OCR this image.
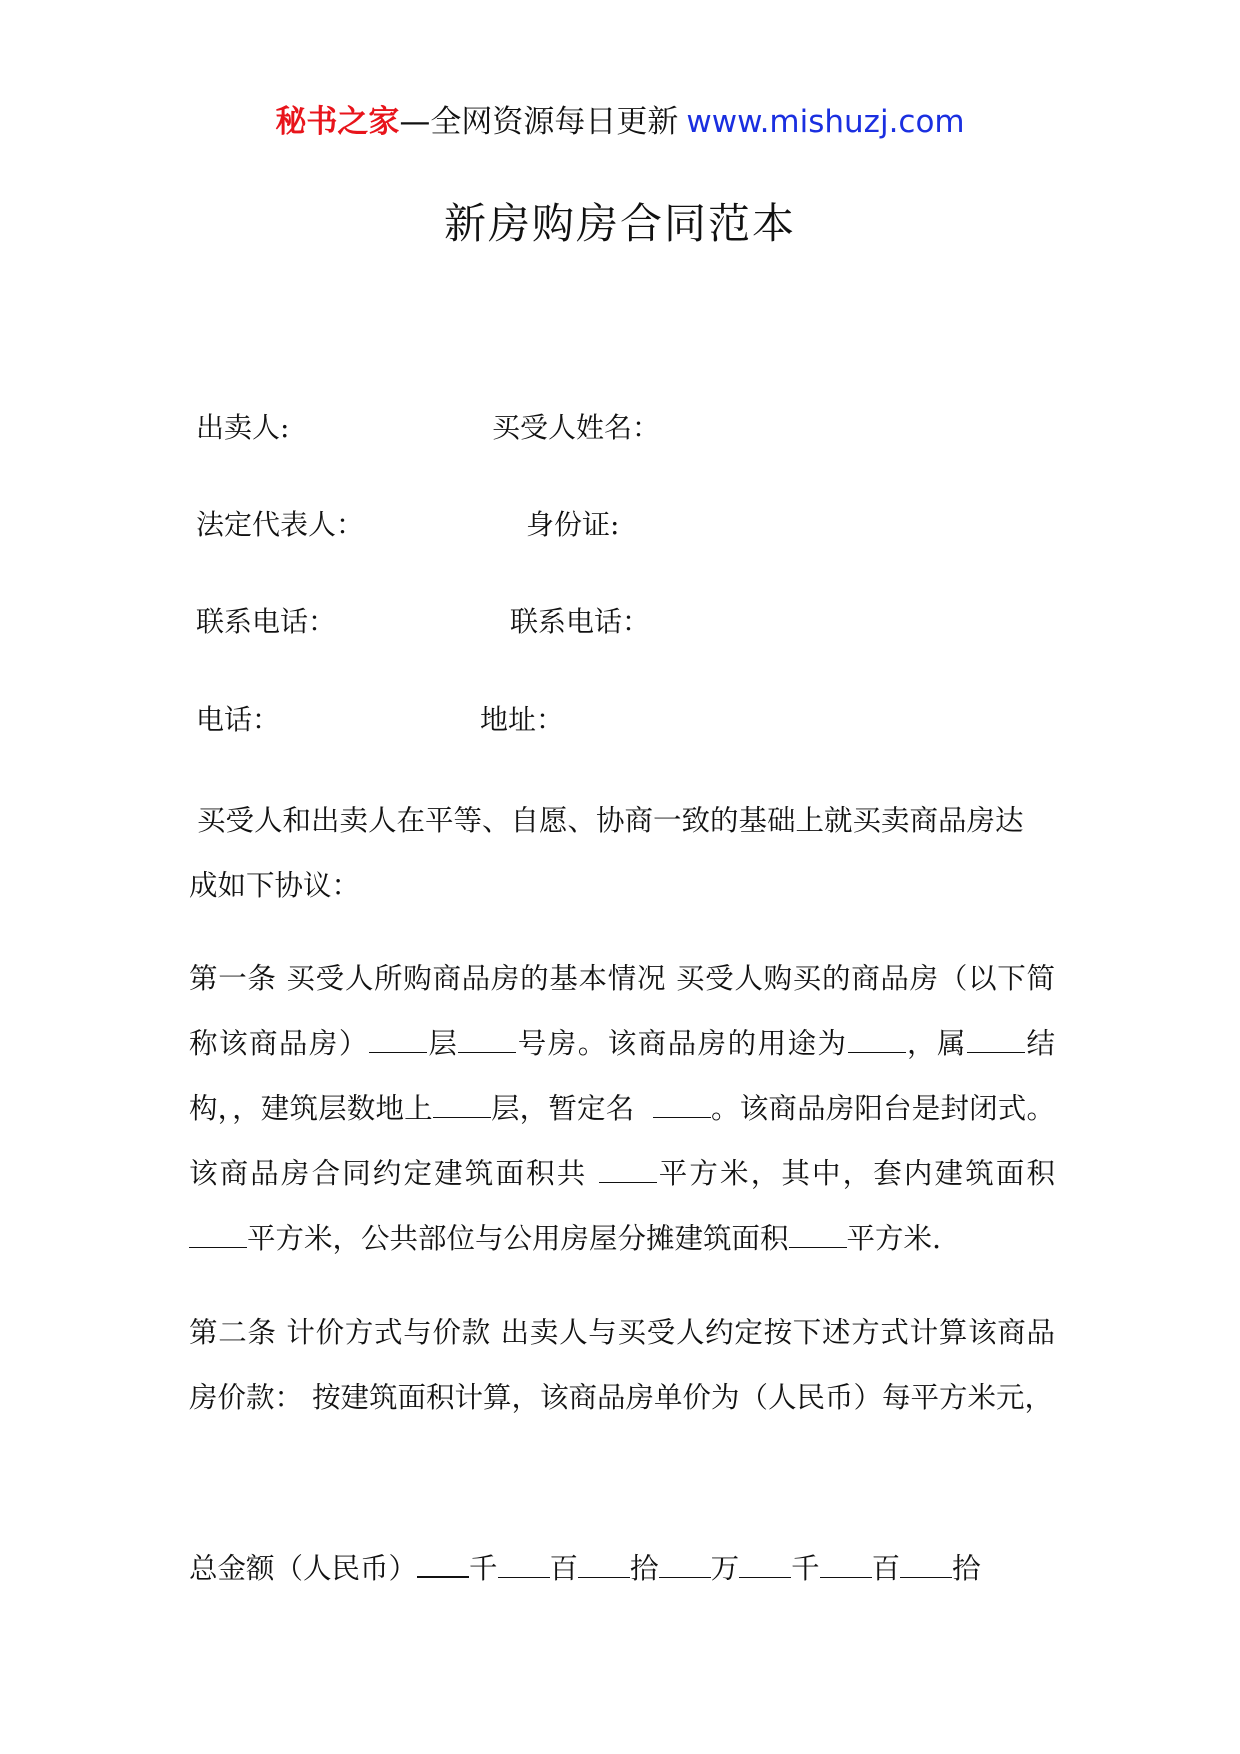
秘书之家—全网资源每日更新 www.mishuzj.com
新房购房合同范本
出卖人:	买受人姓名：
法定代表人：	身份证:
联系电话：	联系电话：
电话：	地址：
买受人和出卖人在平等、自愿、协商一致的基础上就买卖商品房达
成如下协议：
第一条 买受人所购商品房的基本情况 买受人购买的商品房（以下简称该商品房） 层 号房。该商品房的用途为 ，属 结构，，建筑层数地上 层，暂定名	。该商品房阳台是封闭式。该商品房合同约定建筑面积共 平方米，其中，套内建筑面积平方米，公共部位与公用房屋分摊建筑面积 平方米.
第二条 计价方式与价款 出卖人与买受人约定按下述方式计算该商品房价款： 按建筑面积计算，该商品房单价为（人民币）每平方米元，
总金额（人民币） 千 百 拾 万 千 百 拾
